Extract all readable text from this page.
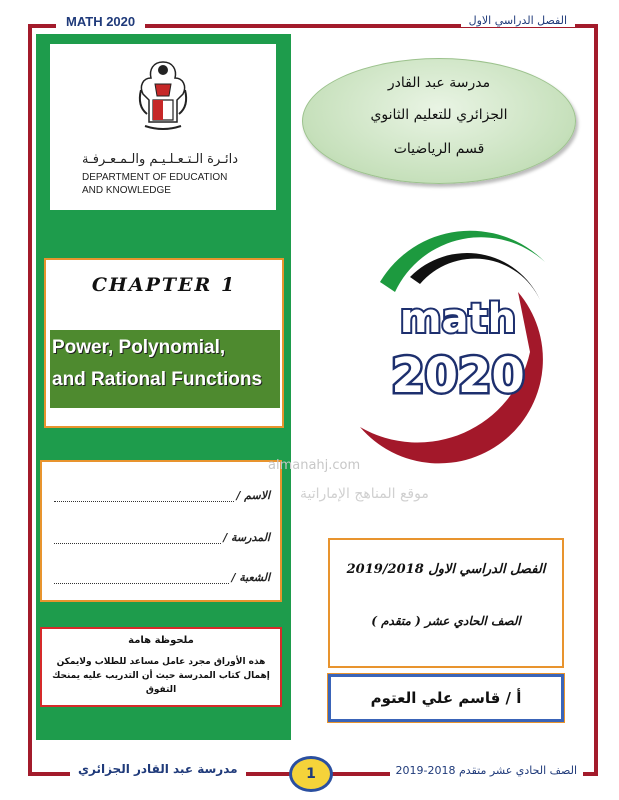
MATH 2020	الفصل الدراسي الاول
دائـرة الـتـعـلـيـم والـمـعـرفـة
DEPARTMENT OF EDUCATION
AND KNOWLEDGE
CHAPTER 1
Power, Polynomial,
and Rational Functions
الاسم /
المدرسة /
الشعبة /
ملحوظة هامة
هذه الأوراق مجرد عامل مساعد للطلاب ولايمكن إهمال كتاب المدرسة حيث أن التدريب عليه يمنحك التفوق
مدرسة عبد القادر
الجزائري للتعليم الثانوي
قسم الرياضيات
math
2020
almanahj.com
موقع المناهج الإماراتية
الفصل الدراسي الاول 2019/2018
الصف الحادي عشر ( متقدم )
أ / قاسم علي العتوم
مدرسة عبد القادر الجزائري	1	الصف الحادي عشر متقدم 2018-2019
